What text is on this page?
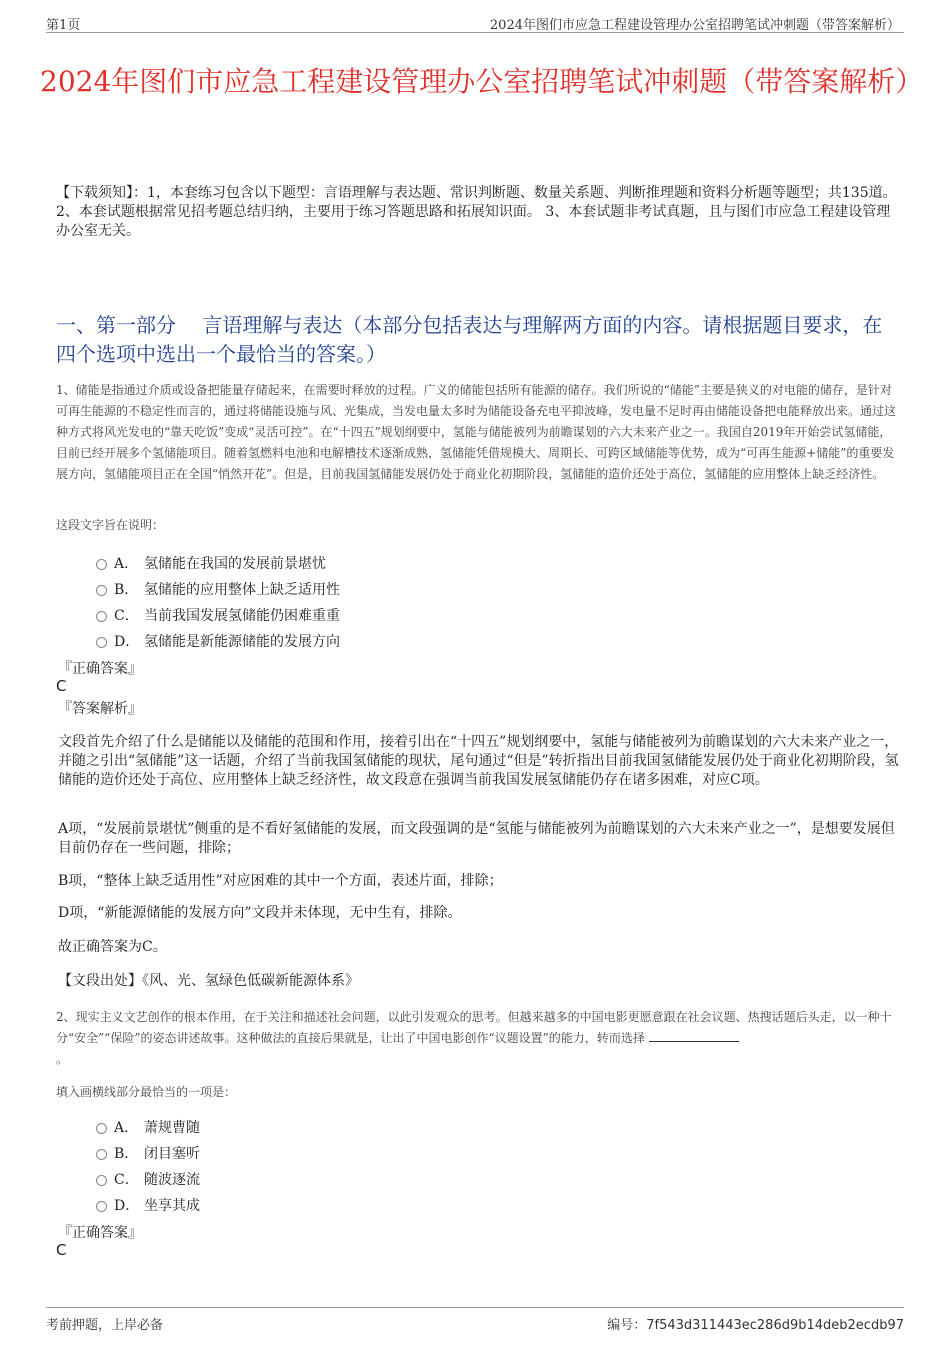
第1页	2024年图们市应急工程建设管理办公室招聘笔试冲刺题（带答案解析）
2024年图们市应急工程建设管理办公室招聘笔试冲刺题（带答案解析）
【下载须知】：1，本套练习包含以下题型：言语理解与表达题、常识判断题、数量关系题、判断推理题和资料分析题等题型；共135道。 2、本套试题根据常见招考题总结归纳，主要用于练习答题思路和拓展知识面。 3、本套试题非考试真题，且与图们市应急工程建设管理办公室无关。
一、第一部分　 言语理解与表达（本部分包括表达与理解两方面的内容。请根据题目要求，在四个选项中选出一个最恰当的答案。）
1、储能是指通过介质或设备把能量存储起来，在需要时释放的过程。广义的储能包括所有能源的储存。我们所说的“储能”主要是狭义的对电能的储存，是针对可再生能源的不稳定性而言的，通过将储能设施与风、光集成，当发电量太多时为储能设备充电平抑波峰，发电量不足时再由储能设备把电能释放出来。通过这种方式将风光发电的“靠天吃饭”变成“灵活可控”。在“十四五”规划纲要中，氢能与储能被列为前瞻谋划的六大未来产业之一。我国自2019年开始尝试氢储能，目前已经开展多个氢储能项目。随着氢燃料电池和电解槽技术逐渐成熟，氢储能凭借规模大、周期长、可跨区域储能等优势，成为“可再生能源+储能”的重要发展方向，氢储能项目正在全国“悄然开花”。但是，目前我国氢储能发展仍处于商业化初期阶段，氢储能的造价还处于高位，氢储能的应用整体上缺乏经济性。
这段文字旨在说明：
A． 氢储能在我国的发展前景堪忧
B． 氢储能的应用整体上缺乏适用性
C． 当前我国发展氢储能仍困难重重
D． 氢储能是新能源储能的发展方向
『正确答案』
C
『答案解析』

文段首先介绍了什么是储能以及储能的范围和作用，接着引出在“十四五”规划纲要中，氢能与储能被列为前瞻谋划的六大未来产业之一，并随之引出“氢储能”这一话题，介绍了当前我国氢储能的现状，尾句通过“但是”转折指出目前我国氢储能发展仍处于商业化初期阶段，氢储能的造价还处于高位、应用整体上缺乏经济性，故文段意在强调当前我国发展氢储能仍存在诸多困难，对应C项。

A项，“发展前景堪忧”侧重的是不看好氢储能的发展，而文段强调的是“氢能与储能被列为前瞻谋划的六大未来产业之一”，是想要发展但目前仍存在一些问题，排除；

B项，“整体上缺乏适用性”对应困难的其中一个方面，表述片面，排除；

D项，“新能源储能的发展方向”文段并未体现，无中生有，排除。

故正确答案为C。

【文段出处】《风、光、氢绿色低碳新能源体系》

2、现实主义文艺创作的根本作用，在于关注和描述社会问题，以此引发观众的思考。但越来越多的中国电影更愿意跟在社会议题、热搜话题后头走，以一种十分“安全”“保险”的姿态讲述故事。这种做法的直接后果就是，让出了中国电影创作“议题设置”的能力，转而选择
。
填入画横线部分最恰当的一项是：
A． 萧规曹随
B． 闭目塞听
C． 随波逐流
D． 坐享其成
『正确答案』
C
考前押题，上岸必备	编号：7f543d311443ec286d9b14deb2ecdb97
